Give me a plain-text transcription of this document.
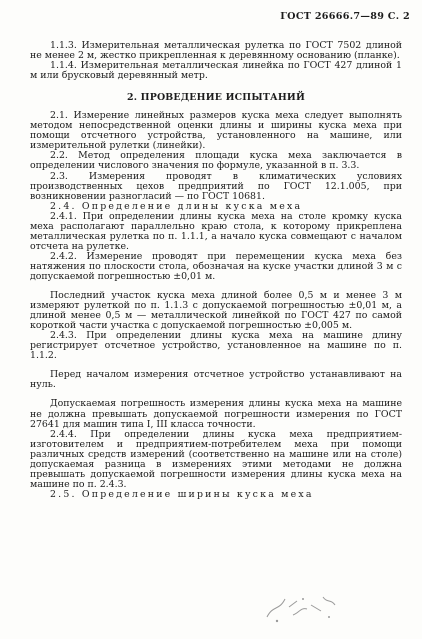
ГОСТ 26666.7—89 С. 2

1.1.3. Измерительная металлическая рулетка по ГОСТ 7502 длиной не менее 2 м, жестко прикрепленная к деревянному основанию (планке).

1.1.4. Измерительная металлическая линейка по ГОСТ 427 длиной 1 м или брусковый деревянный метр.

2. ПРОВЕДЕНИЕ ИСПЫТАНИЙ

2.1. Измерение линейных размеров куска меха следует выполнять методом непосредственной оценки длины и ширины куска меха при помощи отсчетного устройства, установленного на машине, или измерительной рулетки (линейки).

2.2. Метод определения площади куска меха заключается в определении числового значения по формуле, указанной в п. 3.3.

2.3. Измерения проводят в климатических условиях производственных цехов предприятий по ГОСТ 12.1.005, при возникновении разногласий — по ГОСТ 10681.

2.4. Определение длины куска меха

2.4.1. При определении длины куска меха на столе кромку куска меха располагают параллельно краю стола, к которому прикреплена металлическая рулетка по п. 1.1.1, а начало куска совмещают с началом отсчета на рулетке.

2.4.2. Измерение проводят при перемещении куска меха без натяжения по плоскости стола, обозначая на куске участки длиной 3 м с допускаемой погрешностью ±0,01 м.

Последний участок куска меха длиной более 0,5 м и менее 3 м измеряют рулеткой по п. 1.1.3 с допускаемой погрешностью ±0,01 м, а длиной менее 0,5 м — металлической линейкой по ГОСТ 427 по самой короткой части участка с допускаемой погрешностью ±0,005 м.

2.4.3. При определении длины куска меха на машине длину регистрирует отсчетное устройство, установленное на машине по п. 1.1.2.

Перед началом измерения отсчетное устройство устанавливают на нуль.

Допускаемая погрешность измерения длины куска меха на машине не должна превышать допускаемой погрешности измерения по ГОСТ 27641 для машин типа I, III класса точности.

2.4.4. При определении длины куска меха предприятием-изготовителем и предприятием-потребителем меха при помощи различных средств измерений (соответственно на машине или на столе) допускаемая разница в измерениях этими методами не должна превышать допускаемой погрешности измерения длины куска меха на машине по п. 2.4.3.

2.5. Определение ширины куска меха
